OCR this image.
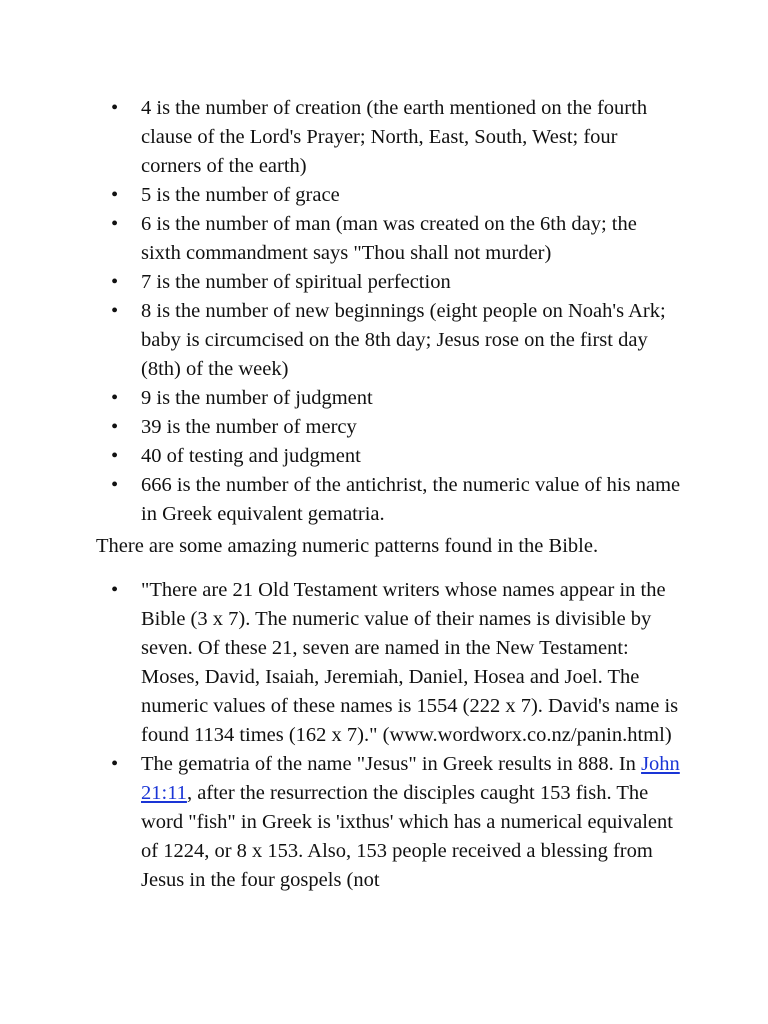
• 4 is the number of creation (the earth mentioned on the fourth clause of the Lord's Prayer; North, East, South, West; four corners of the earth)
• 5 is the number of grace
• 6 is the number of man (man was created on the 6th day; the sixth commandment says "Thou shall not murder)
• 7 is the number of spiritual perfection
• 8 is the number of new beginnings (eight people on Noah's Ark; baby is circumcised on the 8th day; Jesus rose on the first day (8th) of the week)
• 9 is the number of judgment
• 39 is the number of mercy
• 40 of testing and judgment
• 666 is the number of the antichrist, the numeric value of his name in Greek equivalent gematria.

There are some amazing numeric patterns found in the Bible.

• "There are 21 Old Testament writers whose names appear in the Bible (3 x 7). The numeric value of their names is divisible by seven. Of these 21, seven are named in the New Testament: Moses, David, Isaiah, Jeremiah, Daniel, Hosea and Joel. The numeric values of these names is 1554 (222 x 7). David's name is found 1134 times (162 x 7)." (www.wordworx.co.nz/panin.html)
• The gematria of the name "Jesus" in Greek results in 888. In John 21:11, after the resurrection the disciples caught 153 fish. The word "fish" in Greek is 'ixthus' which has a numerical equivalent of 1224, or 8 x 153. Also, 153 people received a blessing from Jesus in the four gospels (not
